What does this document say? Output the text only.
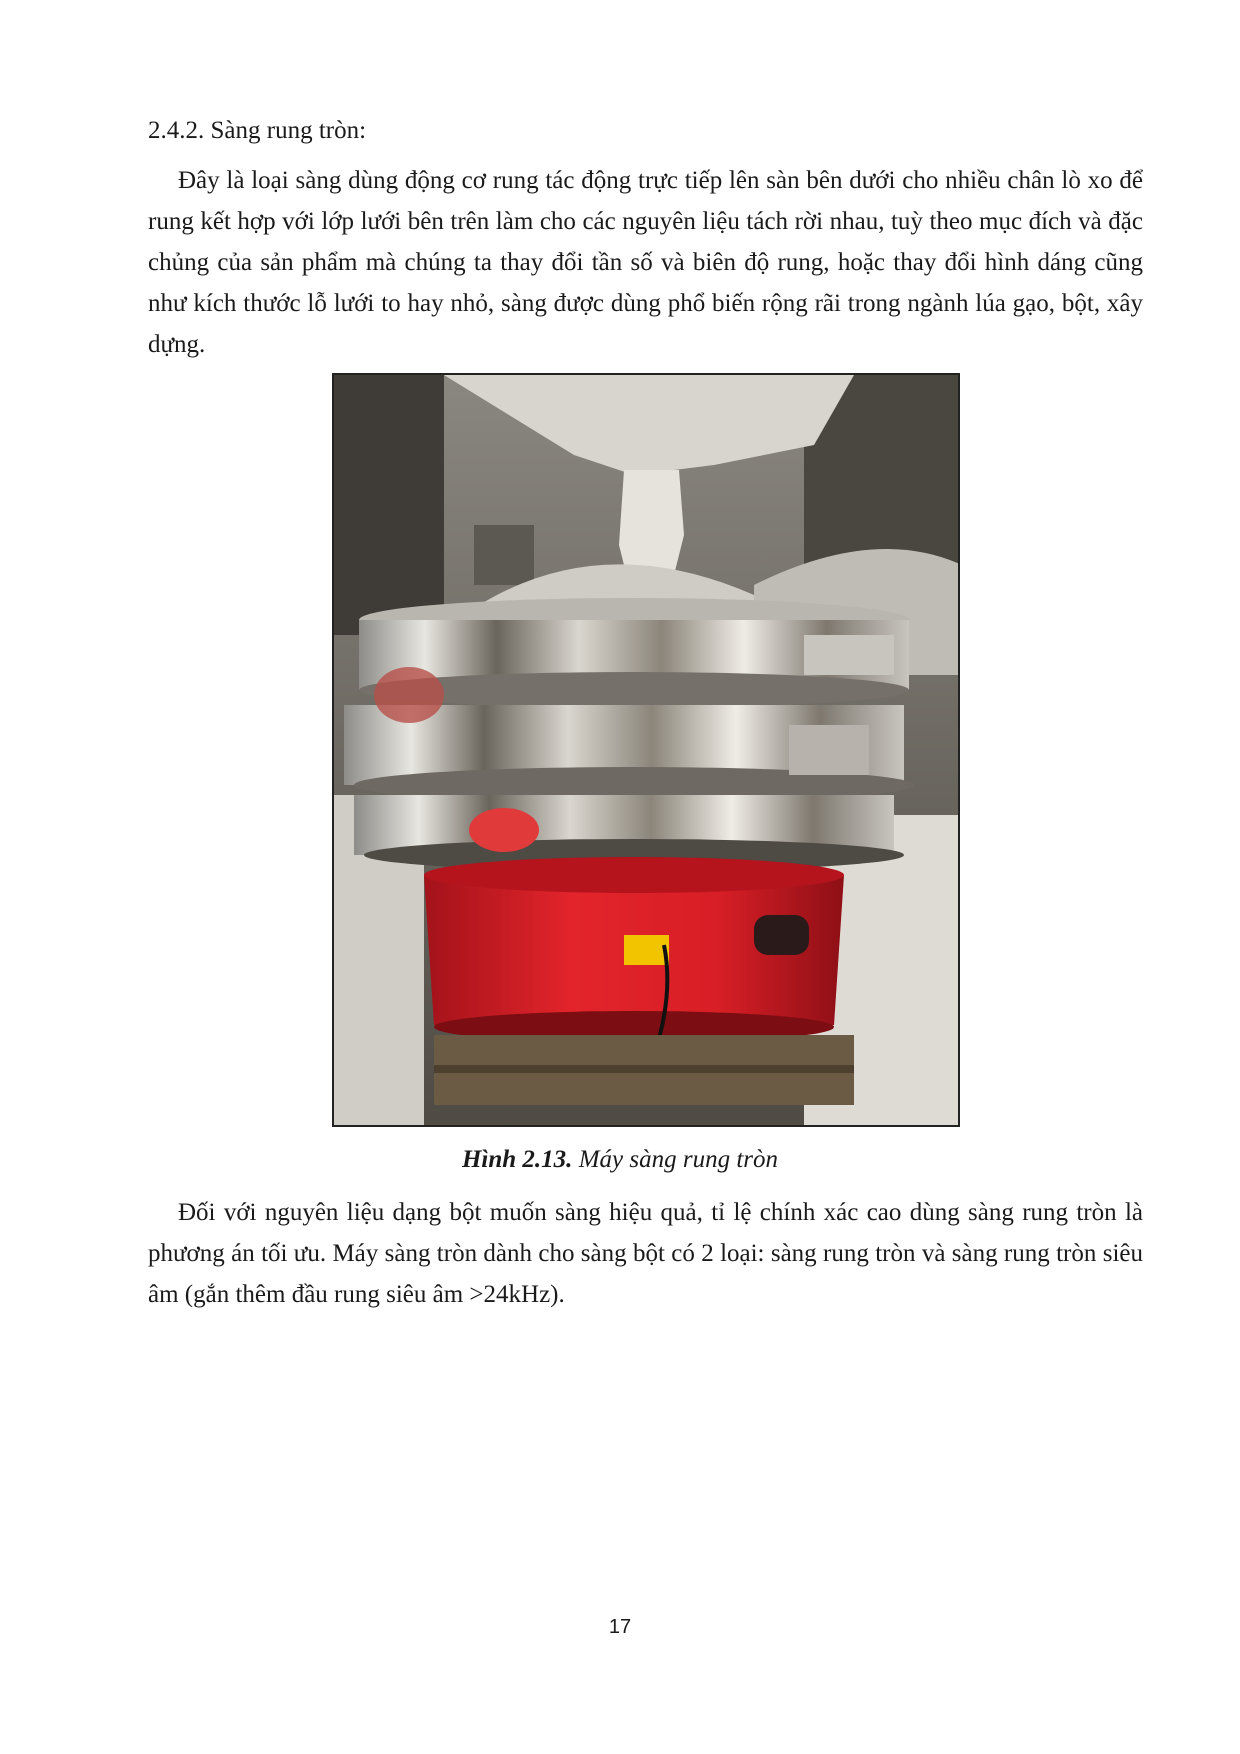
2.4.2. Sàng rung tròn:

Đây là loại sàng dùng động cơ rung tác động trực tiếp lên sàn bên dưới cho nhiều chân lò xo để rung kết hợp với lớp lưới bên trên làm cho các nguyên liệu tách rời nhau, tuỳ theo mục đích và đặc chủng của sản phẩm mà chúng ta thay đổi tần số và biên độ rung, hoặc thay đổi hình dáng cũng như kích thước lỗ lưới to hay nhỏ, sàng được dùng phổ biến rộng rãi trong ngành lúa gạo, bột, xây dựng.

Hình 2.13. Máy sàng rung tròn

Đối với nguyên liệu dạng bột muốn sàng hiệu quả, tỉ lệ chính xác cao dùng sàng rung tròn là phương án tối ưu. Máy sàng tròn dành cho sàng bột có 2 loại: sàng rung tròn và sàng rung tròn siêu âm (gắn thêm đầu rung siêu âm >24kHz).

17
